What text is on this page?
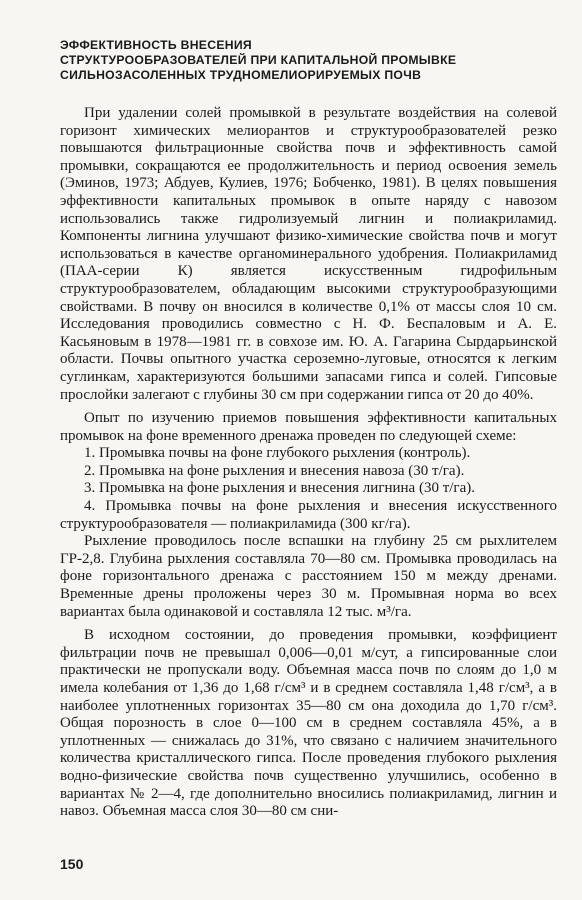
ЭФФЕКТИВНОСТЬ ВНЕСЕНИЯ
СТРУКТУРООБРАЗОВАТЕЛЕЙ ПРИ КАПИТАЛЬНОЙ ПРОМЫВКЕ
СИЛЬНОЗАСОЛЕННЫХ ТРУДНОМЕЛИОРИРУЕМЫХ ПОЧВ

При удалении солей промывкой в результате воздействия на солевой горизонт химических мелиорантов и структурообразователей резко повышаются фильтрационные свойства почв и эффективность самой промывки, сокращаются ее продолжительность и период освоения земель (Эминов, 1973; Абдуев, Кулиев, 1976; Бобченко, 1981). В целях повышения эффективности капитальных промывок в опыте наряду с навозом использовались также гидролизуемый лигнин и полиакриламид. Компоненты лигнина улучшают физико-химические свойства почв и могут использоваться в качестве органоминерального удобрения. Полиакриламид (ПАА-серии К) является искусственным гидрофильным структурообразователем, обладающим высокими структурообразующими свойствами. В почву он вносился в количестве 0,1% от массы слоя 10 см. Исследования проводились совместно с Н. Ф. Беспаловым и А. Е. Касьяновым в 1978—1981 гг. в совхозе им. Ю. А. Гагарина Сырдарьинской области. Почвы опытного участка сероземно-луговые, относятся к легким суглинкам, характеризуются большими запасами гипса и солей. Гипсовые прослойки залегают с глубины 30 см при содержании гипса от 20 до 40%.

Опыт по изучению приемов повышения эффективности капитальных промывок на фоне временного дренажа проведен по следующей схеме:

1. Промывка почвы на фоне глубокого рыхления (контроль).
2. Промывка на фоне рыхления и внесения навоза (30 т/га).
3. Промывка на фоне рыхления и внесения лигнина (30 т/га).
4. Промывка почвы на фоне рыхления и внесения искусственного структурообразователя — полиакриламида (300 кг/га).

Рыхление проводилось после вспашки на глубину 25 см рыхлителем ГР-2,8. Глубина рыхления составляла 70—80 см. Промывка проводилась на фоне горизонтального дренажа с расстоянием 150 м между дренами. Временные дрены проложены через 30 м. Промывная норма во всех вариантах была одинаковой и составляла 12 тыс. м³/га.

В исходном состоянии, до проведения промывки, коэффициент фильтрации почв не превышал 0,006—0,01 м/сут, а гипсированные слои практически не пропускали воду. Объемная масса почв по слоям до 1,0 м имела колебания от 1,36 до 1,68 г/см³ и в среднем составляла 1,48 г/см³, а в наиболее уплотненных горизонтах 35—80 см она доходила до 1,70 г/см³. Общая порозность в слое 0—100 см в среднем составляла 45%, а в уплотненных — снижалась до 31%, что связано с наличием значительного количества кристаллического гипса. После проведения глубокого рыхления водно-физические свойства почв существенно улучшились, особенно в вариантах № 2—4, где дополнительно вносились полиакриламид, лигнин и навоз. Объемная масса слоя 30—80 см сни-

150
